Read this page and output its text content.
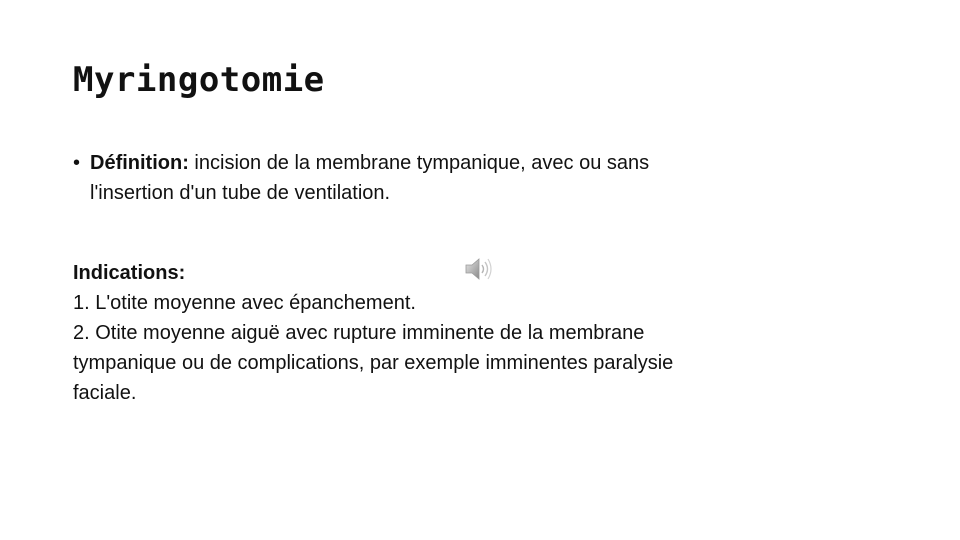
Myringotomie
• Définition: incision de la membrane tympanique, avec ou sans
l'insertion d'un tube de ventilation.
Indications:
1. L'otite moyenne avec épanchement.
2. Otite moyenne aiguë avec rupture imminente de la membrane
tympanique ou de complications, par exemple imminentes paralysie
faciale.
